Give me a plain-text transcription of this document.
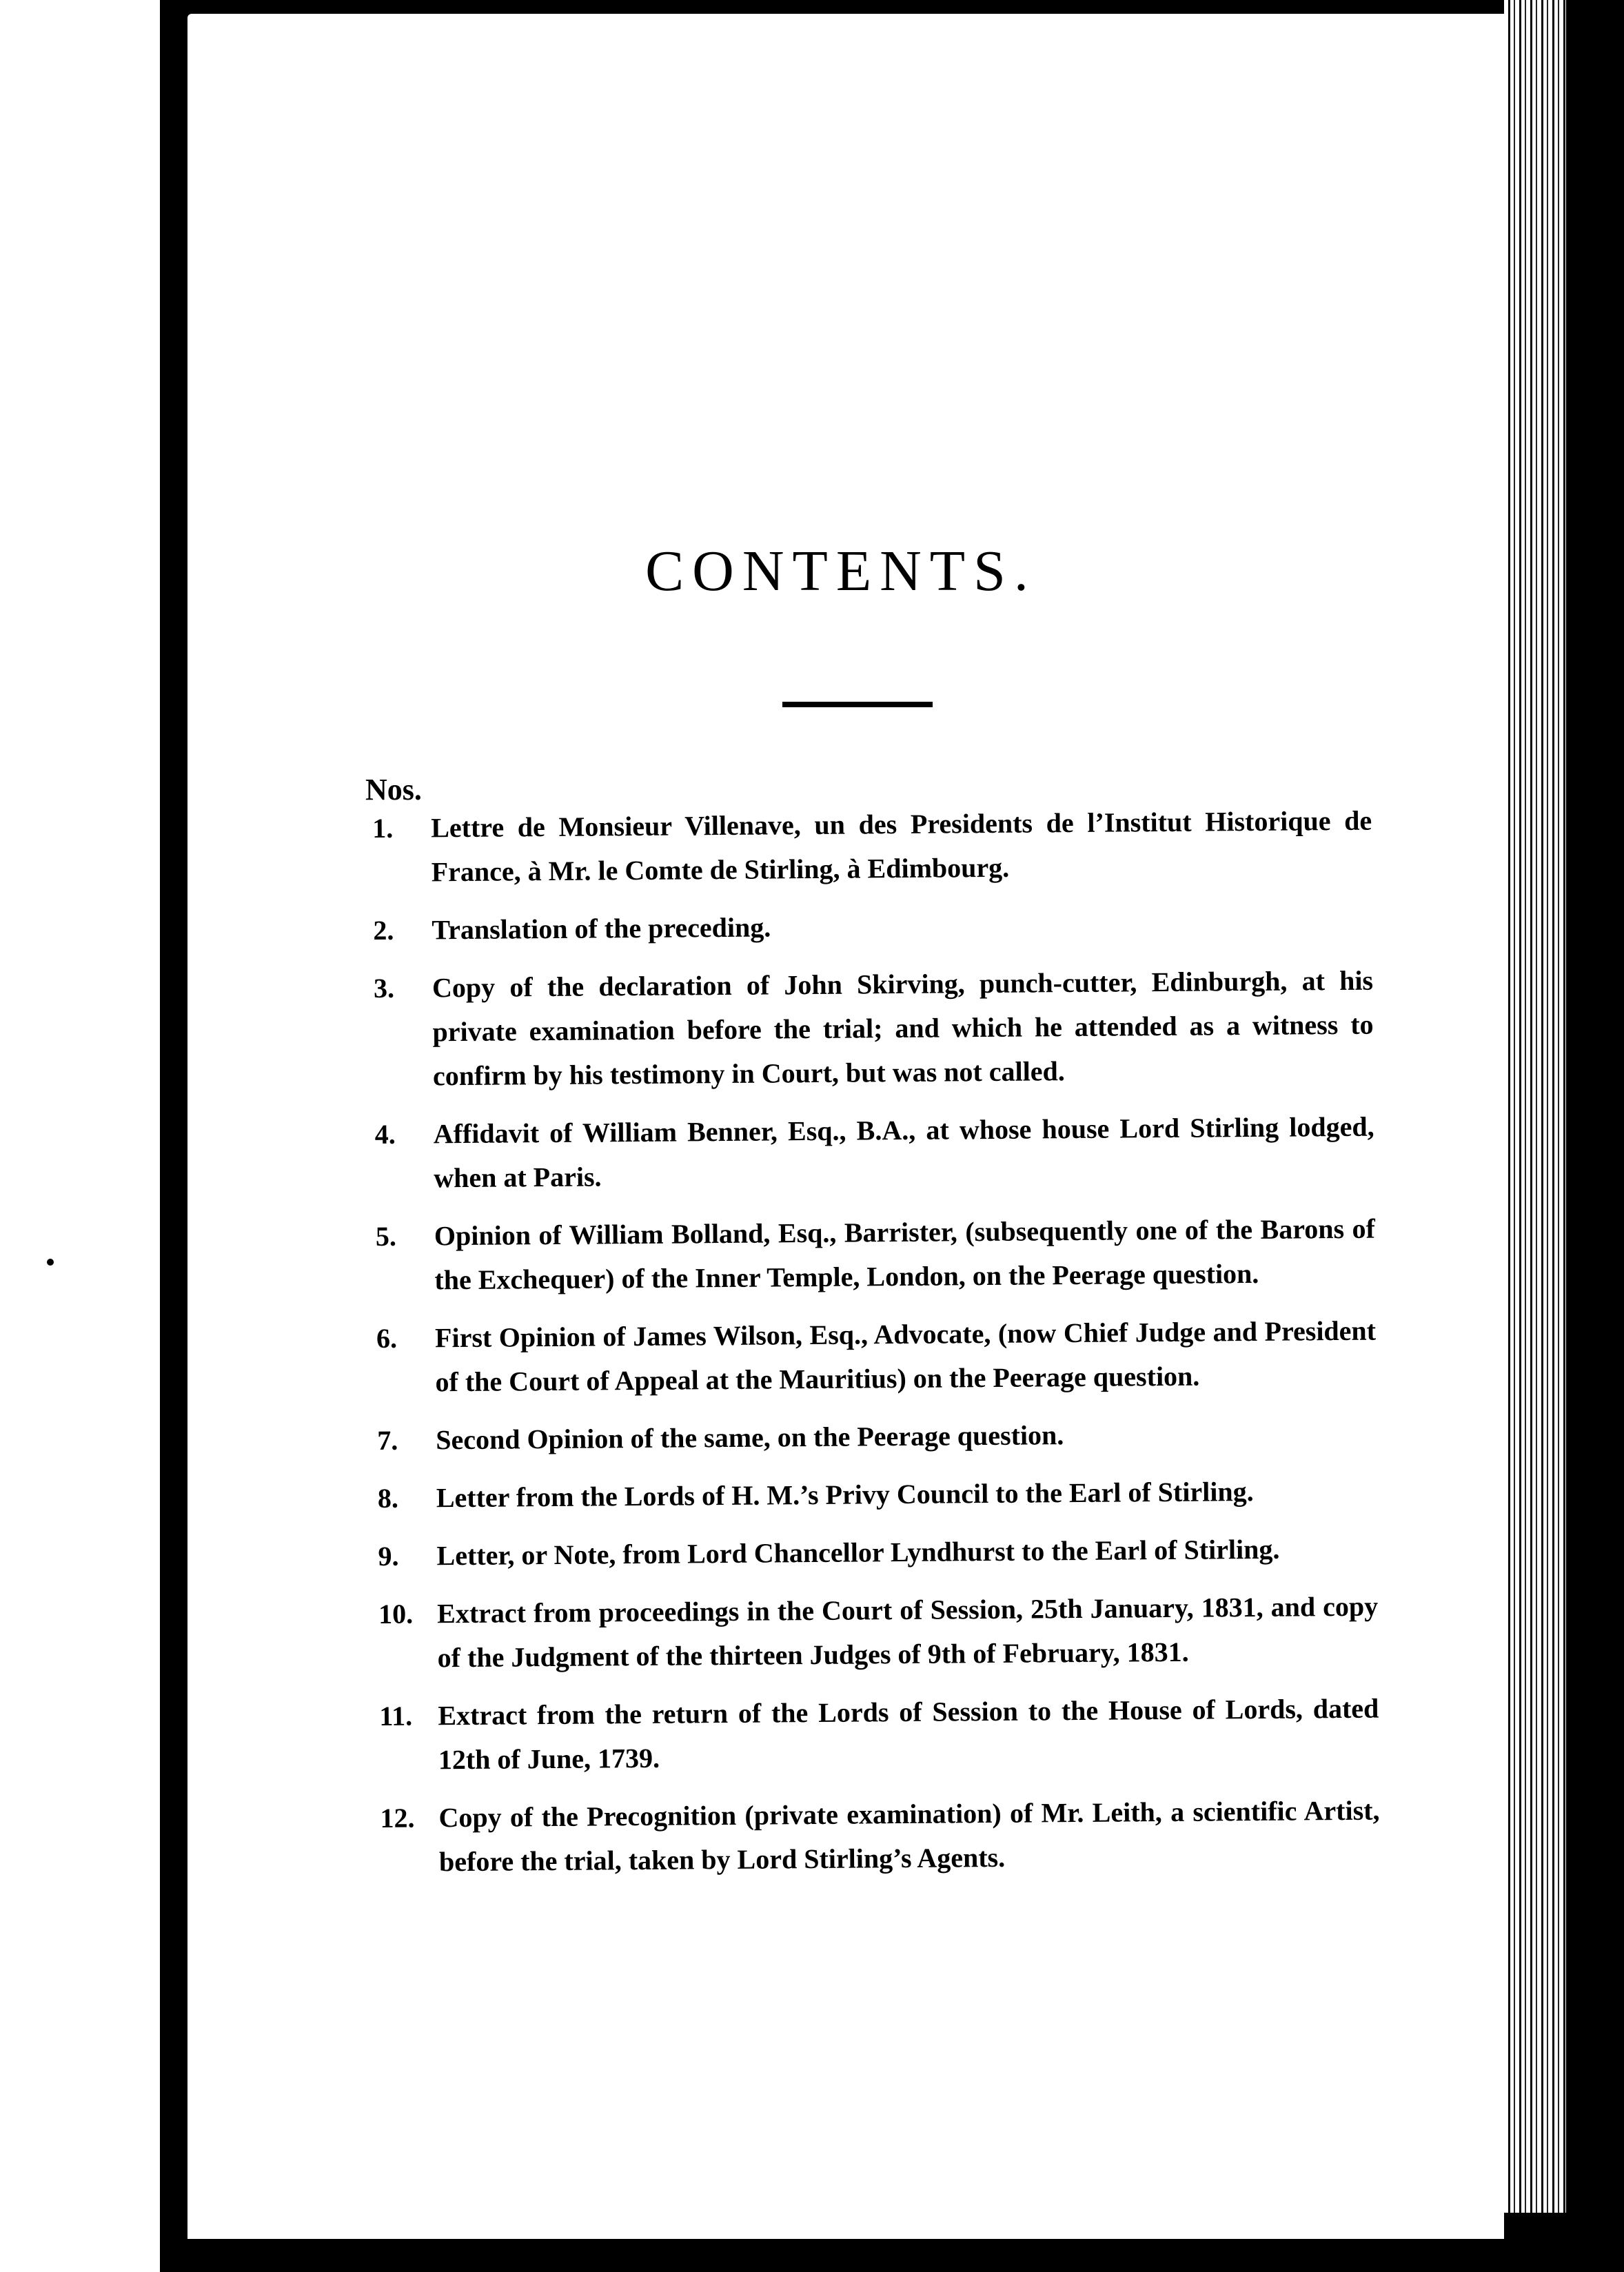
CONTENTS.
Nos.
1.	Lettre de Monsieur Villenave, un des Presidents de l’Institut Historique de France, à Mr. le Comte de Stirling, à Edimbourg.
2.	Translation of the preceding.
3.	Copy of the declaration of John Skirving, punch-cutter, Edinburgh, at his private examination before the trial; and which he attended as a witness to confirm by his testimony in Court, but was not called.
4.	Affidavit of William Benner, Esq., B.A., at whose house Lord Stirling lodged, when at Paris.
5.	Opinion of William Bolland, Esq., Barrister, (subsequently one of the Barons of the Exchequer) of the Inner Temple, London, on the Peerage question.
6.	First Opinion of James Wilson, Esq., Advocate, (now Chief Judge and President of the Court of Appeal at the Mauritius) on the Peerage question.
7.	Second Opinion of the same, on the Peerage question.
8.	Letter from the Lords of H. M.’s Privy Council to the Earl of Stirling.
9.	Letter, or Note, from Lord Chancellor Lyndhurst to the Earl of Stirling.
10. Extract from proceedings in the Court of Session, 25th January, 1831, and copy of the Judgment of the thirteen Judges of 9th of February, 1831.
11. Extract from the return of the Lords of Session to the House of Lords, dated 12th of June, 1739.
12. Copy of the Precognition (private examination) of Mr. Leith, a scientific Artist, before the trial, taken by Lord Stirling’s Agents.
